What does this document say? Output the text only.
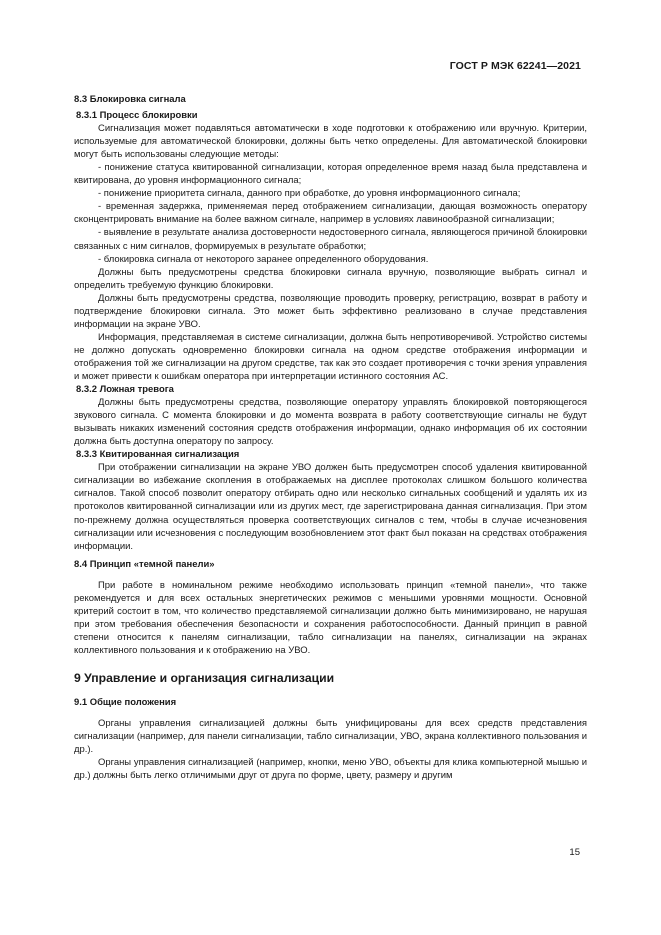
ГОСТ Р МЭК 62241—2021
8.3 Блокировка сигнала
8.3.1 Процесс блокировки

Сигнализация может подавляться автоматически в ходе подготовки к отображению или вручную. Критерии, используемые для автоматической блокировки, должны быть четко определены. Для автоматической блокировки могут быть использованы следующие методы:

- понижение статуса квитированной сигнализации, которая определенное время назад была представлена и квитирована, до уровня информационного сигнала;

- понижение приоритета сигнала, данного при обработке, до уровня информационного сигнала;

- временная задержка, применяемая перед отображением сигнализации, дающая возможность оператору сконцентрировать внимание на более важном сигнале, например в условиях лавинообразной сигнализации;

- выявление в результате анализа достоверности недостоверного сигнала, являющегося причиной блокировки связанных с ним сигналов, формируемых в результате обработки;

- блокировка сигнала от некоторого заранее определенного оборудования.

Должны быть предусмотрены средства блокировки сигнала вручную, позволяющие выбрать сигнал и определить требуемую функцию блокировки.

Должны быть предусмотрены средства, позволяющие проводить проверку, регистрацию, возврат в работу и подтверждение блокировки сигнала. Это может быть эффективно реализовано в случае представления информации на экране УВО.

Информация, представляемая в системе сигнализации, должна быть непротиворечивой. Устройство системы не должно допускать одновременно блокировки сигнала на одном средстве отображения информации и отображения той же сигнализации на другом средстве, так как это создает противоречия с точки зрения управления и может привести к ошибкам оператора при интерпретации истинного состояния АС.

8.3.2 Ложная тревога

Должны быть предусмотрены средства, позволяющие оператору управлять блокировкой повторяющегося звукового сигнала. С момента блокировки и до момента возврата в работу соответствующие сигналы не будут вызывать никаких изменений состояния средств отображения информации, однако информация об их состоянии должна быть доступна оператору по запросу.

8.3.3 Квитированная сигнализация

При отображении сигнализации на экране УВО должен быть предусмотрен способ удаления квитированной сигнализации во избежание скопления в отображаемых на дисплее протоколах слишком большого количества сигналов. Такой способ позволит оператору отбирать одно или несколько сигнальных сообщений и удалять их из протоколов квитированной сигнализации или из других мест, где зарегистрирована данная сигнализация. При этом по-прежнему должна осуществляться проверка соответствующих сигналов с тем, чтобы в случае исчезновения сигнализации или исчезновения с последующим возобновлением этот факт был показан на средствах отображения информации.

8.4 Принцип «темной панели»

При работе в номинальном режиме необходимо использовать принцип «темной панели», что также рекомендуется и для всех остальных энергетических режимов с меньшими уровнями мощности. Основной критерий состоит в том, что количество представляемой сигнализации должно быть минимизировано, не нарушая при этом требования обеспечения безопасности и сохранения работоспособности. Данный принцип в равной степени относится к панелям сигнализации, табло сигнализации на панелях, сигнализации на экранах коллективного пользования и к отображению на УВО.

9 Управление и организация сигнализации
9.1 Общие положения

Органы управления сигнализацией должны быть унифицированы для всех средств представления сигнализации (например, для панели сигнализации, табло сигнализации, УВО, экрана коллективного пользования и др.).

Органы управления сигнализацией (например, кнопки, меню УВО, объекты для клика компьютерной мышью и др.) должны быть легко отличимыми друг от друга по форме, цвету, размеру и другим

15
